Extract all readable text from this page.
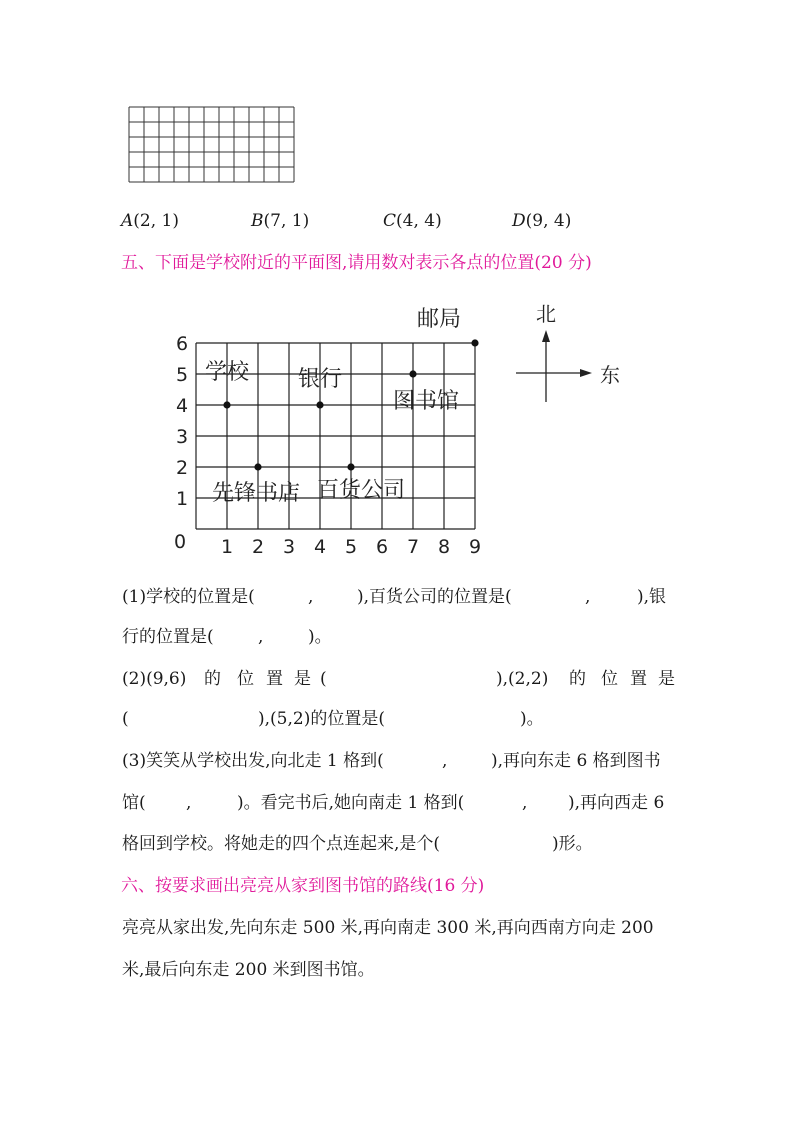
A(2, 1)	B(7, 1)	C(4, 4)	D(9, 4)
五、下面是学校附近的平面图,请用数对表示各点的位置(20 分)
1 2 3 4 5 6 7 8 9
1
2
3
4
5
6
0
学校 银行
图书馆
邮局
先锋书店 百货公司
北
东
(1)学校的位置是(	,	),百货公司的位置是(	,	),银
行的位置是(	,	)。
(2)(9,6) 的 位 置 是 (	),(2,2) 的 位 置 是
(	),(5,2)的位置是(	)。
(3)笑笑从学校出发,向北走 1 格到(	,	),再向东走 6 格到图书
馆( ,	)。看完书后,她向南走 1 格到(	, ),再向西走 6
格回到学校。将她走的四个点连起来,是个(	)形。
六、按要求画出亮亮从家到图书馆的路线(16 分)
亮亮从家出发,先向东走 500 米,再向南走 300 米,再向西南方向走 200
米,最后向东走 200 米到图书馆。
